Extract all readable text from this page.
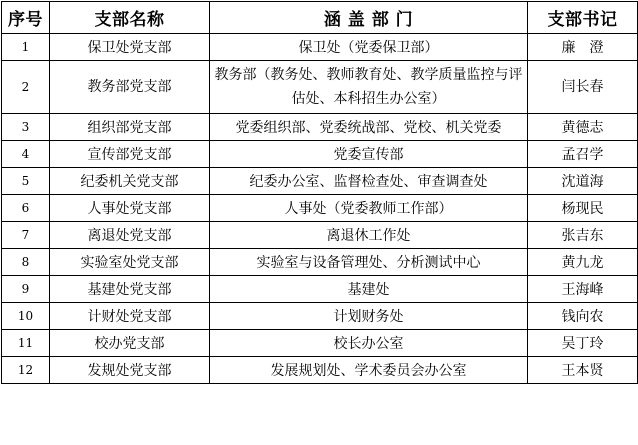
序号	支部名称	涵 盖 部 门	支部书记
1	保卫处党支部	保卫处（党委保卫部）	廉　澄
2	教务部党支部	教务部（教务处、教师教育处、教学质量监控与评估处、本科招生办公室）	闫长春
3	组织部党支部	党委组织部、党委统战部、党校、机关党委	黄德志
4	宣传部党支部	党委宣传部	孟召学
5	纪委机关党支部	纪委办公室、监督检查处、审查调查处	沈道海
6	人事处党支部	人事处（党委教师工作部）	杨现民
7	离退处党支部	离退休工作处	张吉东
8	实验室处党支部	实验室与设备管理处、分析测试中心	黄九龙
9	基建处党支部	基建处	王海峰
10	计财处党支部	计划财务处	钱向农
11	校办党支部	校长办公室	吴丁玲
12	发规处党支部	发展规划处、学术委员会办公室	王本贤
